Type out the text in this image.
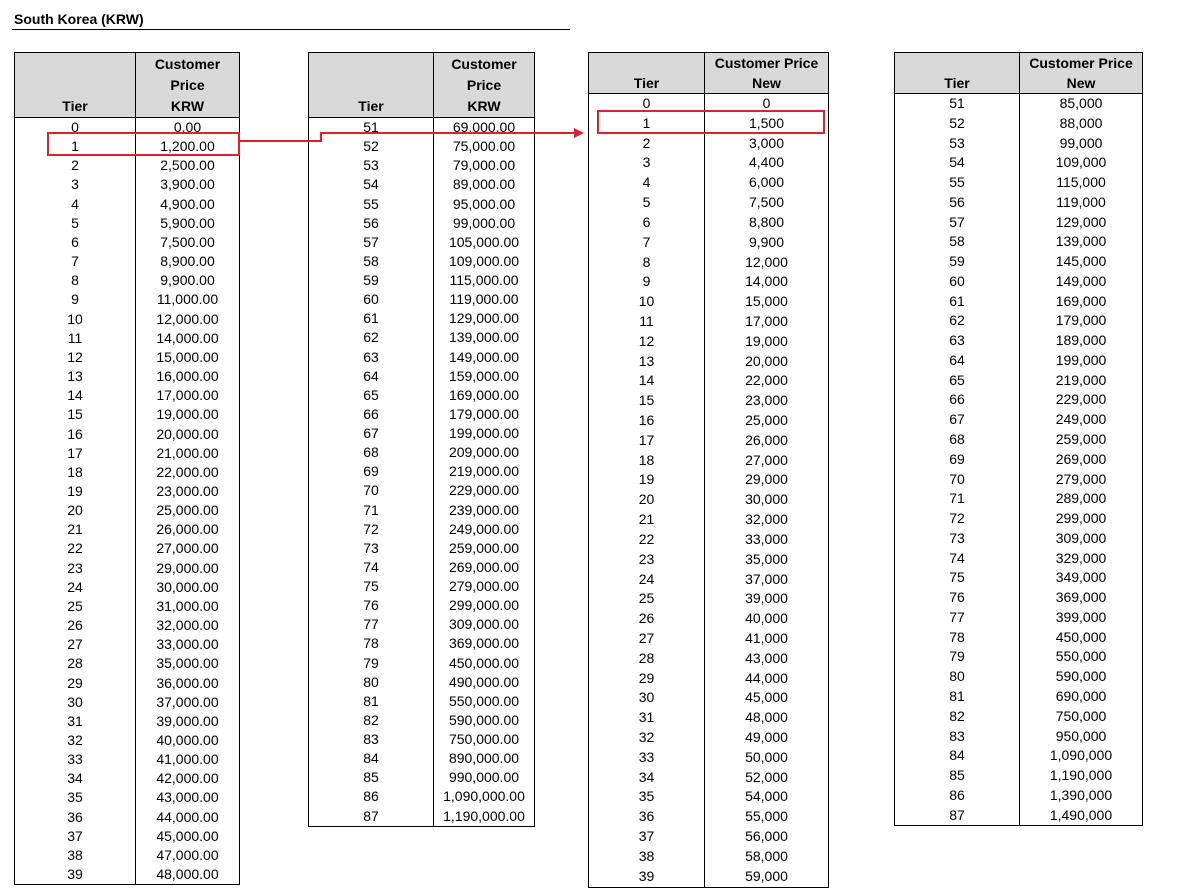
South Korea (KRW)
Tier	Customer
Price
KRW

0	0.00
1	1,200.00
2	2,500.00
3	3,900.00
4	4,900.00
5	5,900.00
6	7,500.00
7	8,900.00
8	9,900.00
9	11,000.00
10	12,000.00
11	14,000.00
12	15,000.00
13	16,000.00
14	17,000.00
15	19,000.00
16	20,000.00
17	21,000.00
18	22,000.00
19	23,000.00
20	25,000.00
21	26,000.00
22	27,000.00
23	29,000.00
24	30,000.00
25	31,000.00
26	32,000.00
27	33,000.00
28	35,000.00
29	36,000.00
30	37,000.00
31	39,000.00
32	40,000.00
33	41,000.00
34	42,000.00
35	43,000.00
36	44,000.00
37	45,000.00
38	47,000.00
39	48,000.00
Tier	Customer
Price
KRW

51	69,000.00
52	75,000.00
53	79,000.00
54	89,000.00
55	95,000.00
56	99,000.00
57	105,000.00
58	109,000.00
59	115,000.00
60	119,000.00
61	129,000.00
62	139,000.00
63	149,000.00
64	159,000.00
65	169,000.00
66	179,000.00
67	199,000.00
68	209,000.00
69	219,000.00
70	229,000.00
71	239,000.00
72	249,000.00
73	259,000.00
74	269,000.00
75	279,000.00
76	299,000.00
77	309,000.00
78	369,000.00
79	450,000.00
80	490,000.00
81	550,000.00
82	590,000.00
83	750,000.00
84	890,000.00
85	990,000.00
86	1,090,000.00
87	1,190,000.00
Tier	Customer Price
New

0	0
1	1,500
2	3,000
3	4,400
4	6,000
5	7,500
6	8,800
7	9,900
8	12,000
9	14,000
10	15,000
11	17,000
12	19,000
13	20,000
14	22,000
15	23,000
16	25,000
17	26,000
18	27,000
19	29,000
20	30,000
21	32,000
22	33,000
23	35,000
24	37,000
25	39,000
26	40,000
27	41,000
28	43,000
29	44,000
30	45,000
31	48,000
32	49,000
33	50,000
34	52,000
35	54,000
36	55,000
37	56,000
38	58,000
39	59,000
Tier	Customer Price
New

51	85,000
52	88,000
53	99,000
54	109,000
55	115,000
56	119,000
57	129,000
58	139,000
59	145,000
60	149,000
61	169,000
62	179,000
63	189,000
64	199,000
65	219,000
66	229,000
67	249,000
68	259,000
69	269,000
70	279,000
71	289,000
72	299,000
73	309,000
74	329,000
75	349,000
76	369,000
77	399,000
78	450,000
79	550,000
80	590,000
81	690,000
82	750,000
83	950,000
84	1,090,000
85	1,190,000
86	1,390,000
87	1,490,000
